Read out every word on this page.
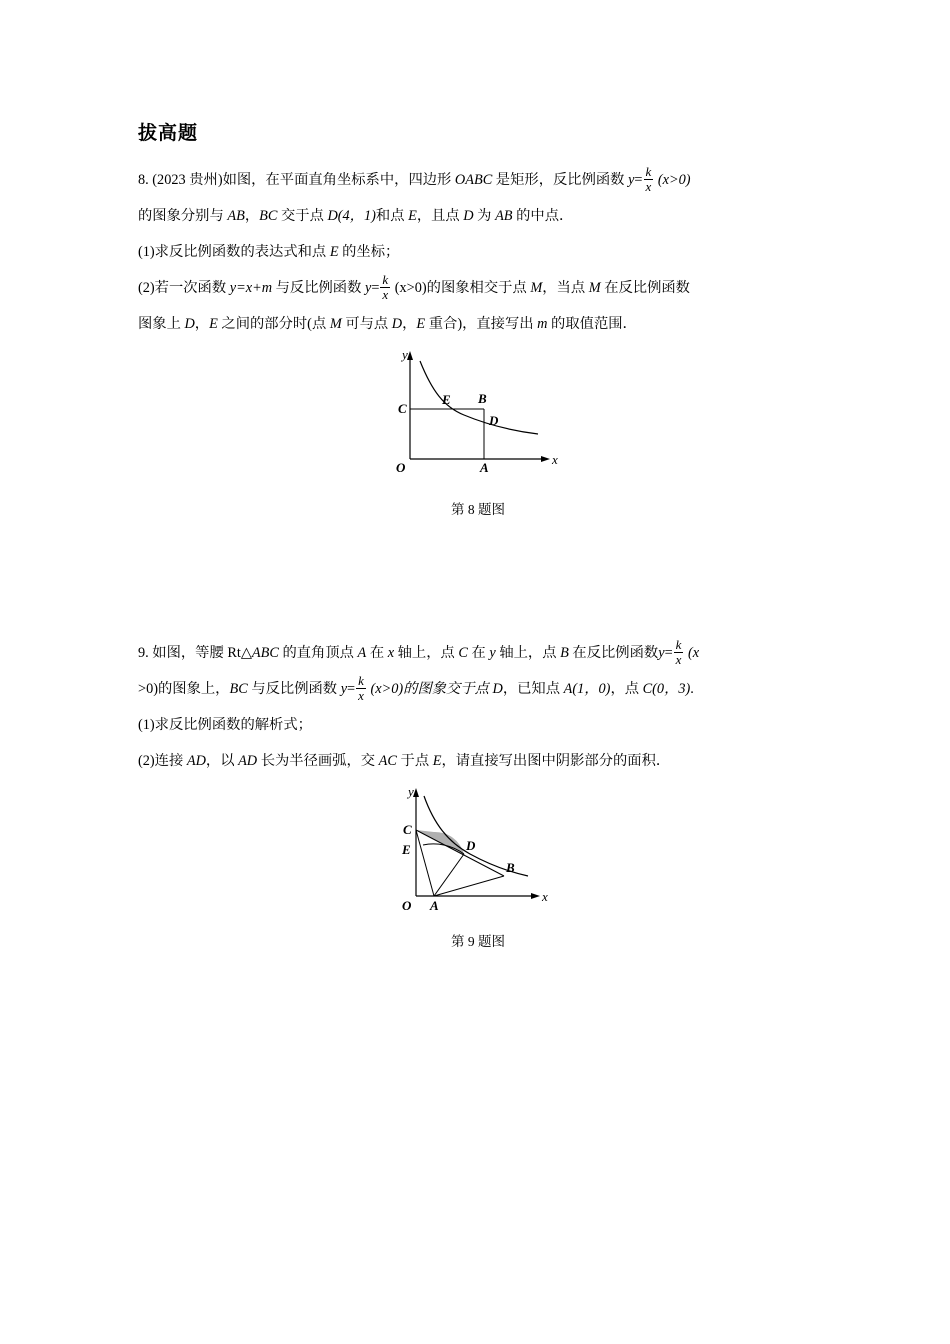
拔高题
8. (2023 贵州)如图，在平面直角坐标系中，四边形 OABC 是矩形，反比例函数 $y= \frac{k}{x} (x>0)$
的图象分别与 AB，BC 交于点 D(4，1)和点 E，且点 D 为 AB 的中点．
(1)求反比例函数的表达式和点 E 的坐标；
(2)若一次函数 y=x+m 与反比例函数 $y= \frac{k}{x} (x>0)$的图象相交于点 M，当点 M 在反比例函数
图象上 D，E 之间的部分时(点 M 可与点 D，E 重合)，直接写出 m 的取值范围．
C
E B
D
A
O
x
y
第 8 题图
9. 如图，等腰 Rt△ABC 的直角顶点 A 在 x 轴上，点 C 在 y 轴上，点 B 在反比例函数$y= \frac{k}{x} (x$
>0)的图象上，BC 与反比例函数 $y= \frac{k}{x} (x>0)$的图象交于点 D，已知点 A(1，0)，点 C(0，3).
(1)求反比例函数的解析式；
(2)连接 AD，以 AD 长为半径画弧，交 AC 于点 E，请直接写出图中阴影部分的面积．
C
E	D
B
A
O
x
y
第 9 题图
